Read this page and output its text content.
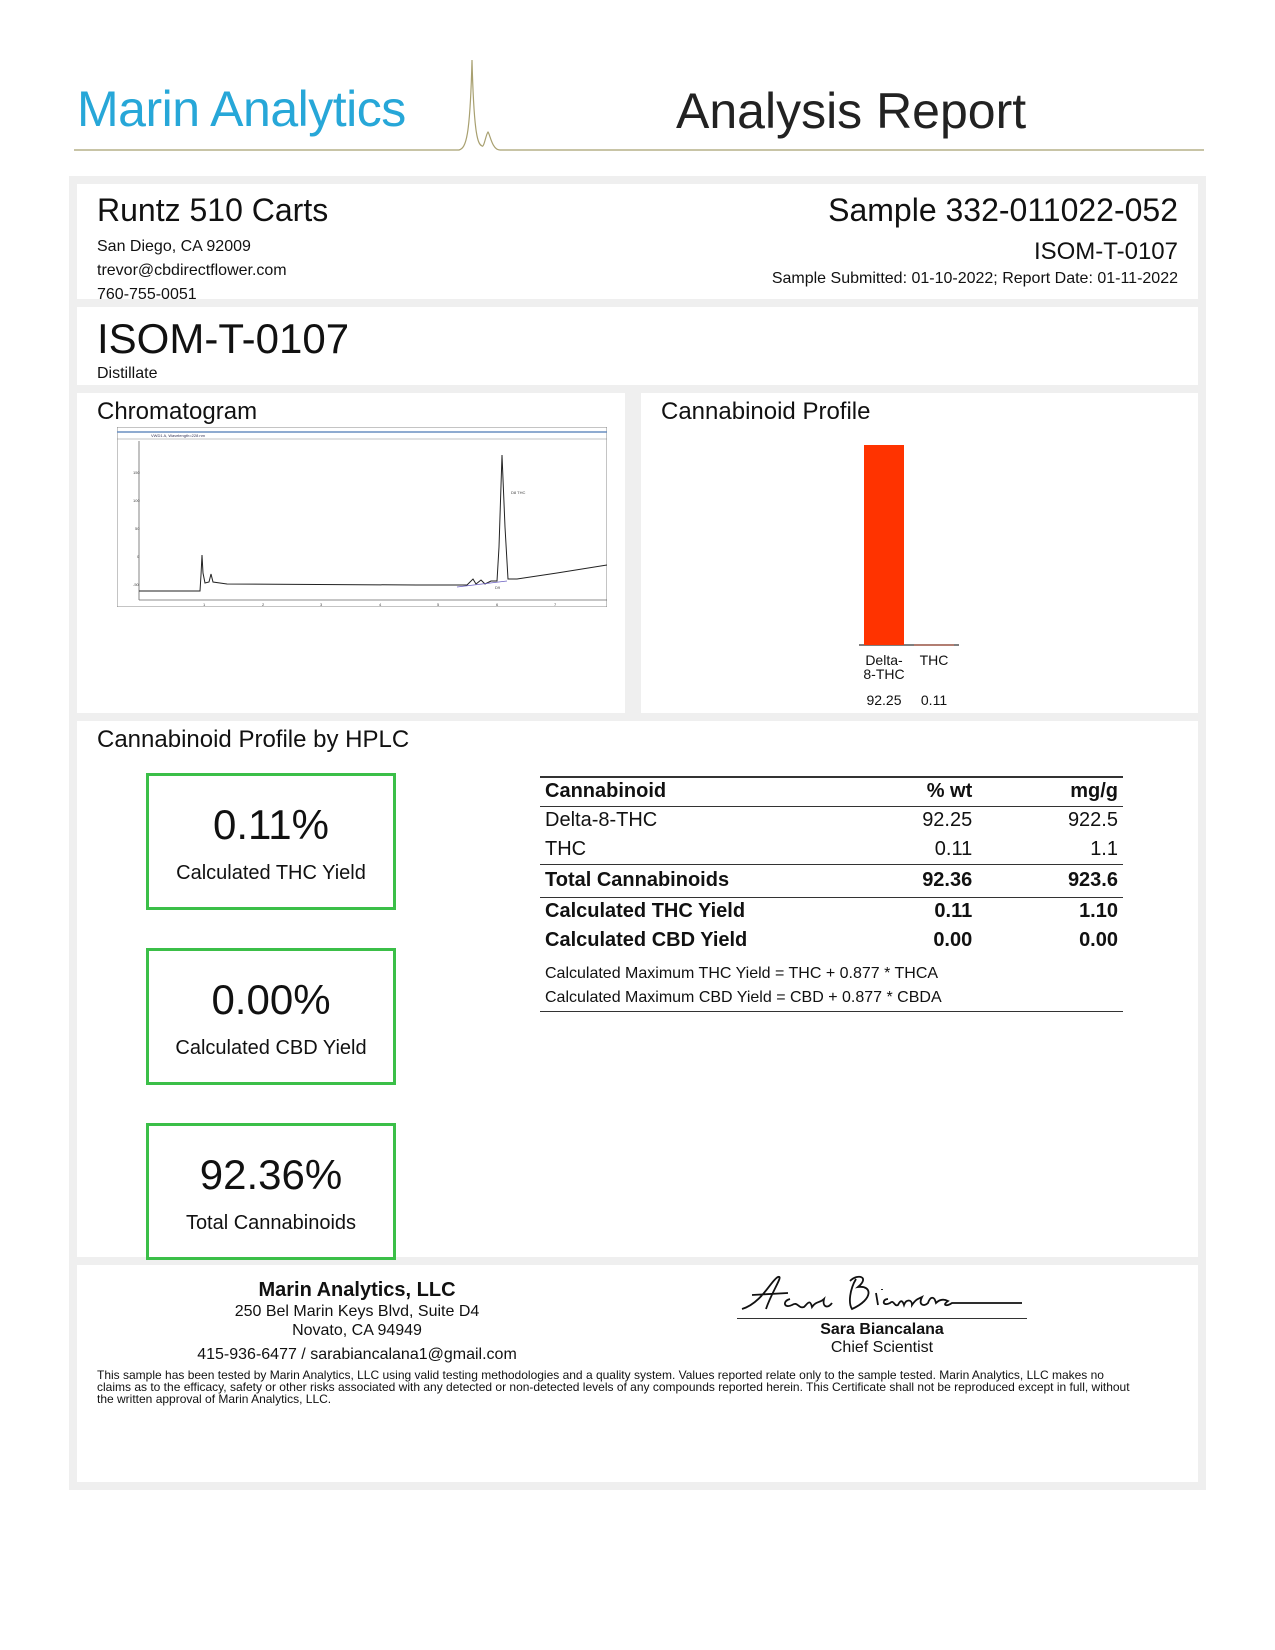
Marin Analytics	Analysis Report
Runtz 510 Carts
San Diego, CA 92009
trevor@cbdirectflower.com
760-755-0051
Sample 332-011022-052
ISOM-T-0107
Sample Submitted: 01-10-2022; Report Date: 01-11-2022
ISOM-T-0107
Distillate
Chromatogram
VWD1 A, Wavelength=228 nm
150
100
50
0
-50
1	2	3	4	5	6	7
D8 THC
D9
Cannabinoid Profile
Delta-
8-THC
92.25
THC
0.11
Cannabinoid Profile by HPLC
0.11%
Calculated THC Yield
0.00%
Calculated CBD Yield
92.36%
Total Cannabinoids
Cannabinoid	% wt	mg/g
Delta-8-THC	92.25	922.5
THC	0.11	1.1
Total Cannabinoids	92.36	923.6
Calculated THC Yield	0.11	1.10
Calculated CBD Yield	0.00	0.00

Calculated Maximum THC Yield = THC + 0.877 * THCA		
Calculated Maximum CBD Yield = CBD + 0.877 * CBDA		
Marin Analytics, LLC
250 Bel Marin Keys Blvd, Suite D4
Novato, CA 94949
415-936-6477 / sarabiancalana1@gmail.com
Sara Biancalana
Chief Scientist
This sample has been tested by Marin Analytics, LLC using valid testing methodologies and a quality system. Values reported relate only to the sample tested. Marin Analytics, LLC makes no claims as to the efficacy, safety or other risks associated with any detected or non-detected levels of any compounds reported herein. This Certificate shall not be reproduced except in full, without the written approval of Marin Analytics, LLC.
